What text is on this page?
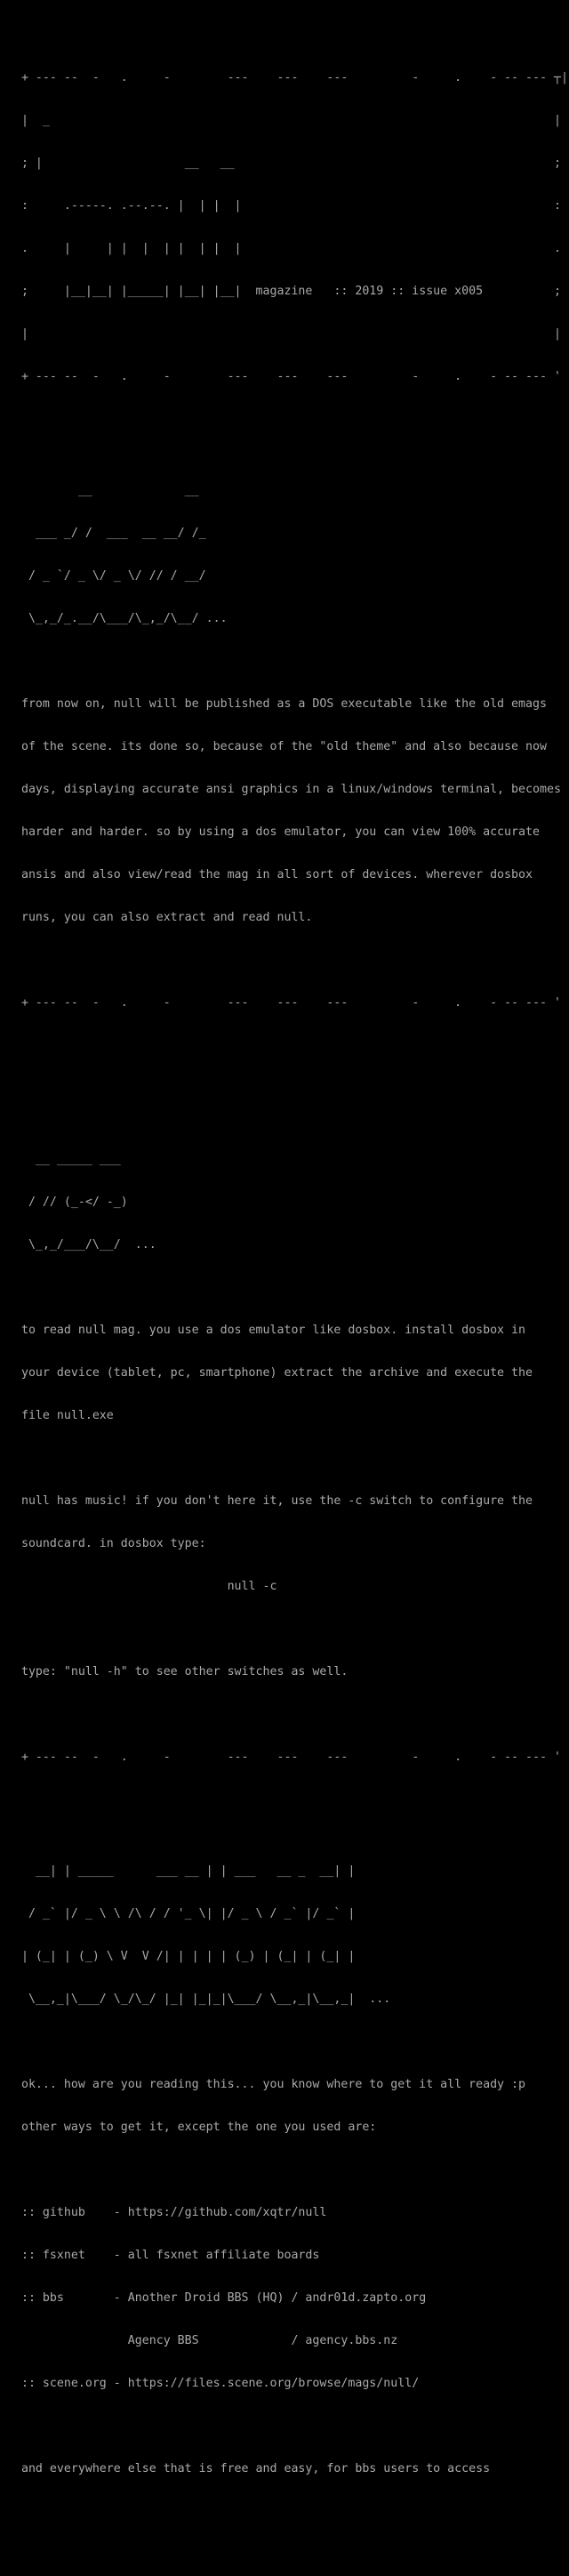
+ --- --  -   .     -        ---    ---    ---         -     .    - -- --- ┬|

|  _                                                                       |

; |                    __   __                                             ;

:     .-----. .--.--. |  | |  |                                            :

.     |     | |  |  | |  | |  |                                            .

;     |__|__| |_____| |__| |__|  magazine   :: 2019 :: issue x005          ;

|                                                                          |

+ --- --  -   .     -        ---    ---    ---         -     .    - -- --- '

__             __

___ _/ /  ___  __ __/ /_

/ _ `/ _ \/ _ \/ // / __/

\_,_/_.__/\___/\_,_/\__/ ...

from now on, null will be published as a DOS executable like the old emags

of the scene. its done so, because of the "old theme" and also because now

days, displaying accurate ansi graphics in a linux/windows terminal, becomes

harder and harder. so by using a dos emulator, you can view 100% accurate

ansis and also view/read the mag in all sort of devices. wherever dosbox

runs, you can also extract and read null.

+ --- --  -   .     -        ---    ---    ---         -     .    - -- --- '

__ _____ ___

/ // (_-</ -_)

\_,_/___/\__/  ...

to read null mag. you use a dos emulator like dosbox. install dosbox in

your device (tablet, pc, smartphone) extract the archive and execute the

file null.exe

null has music! if you don't here it, use the -c switch to configure the

soundcard. in dosbox type:

null -c

type: "null -h" to see other switches as well.

+ --- --  -   .     -        ---    ---    ---         -     .    - -- --- '

__| | _____      ___ __ | | ___   __ _  __| |

/ _` |/ _ \ \ /\ / / '_ \| |/ _ \ / _` |/ _` |

| (_| | (_) \ V  V /| | | | | (_) | (_| | (_| |

\__,_|\___/ \_/\_/ |_| |_|_|\___/ \__,_|\__,_|  ...

ok... how are you reading this... you know where to get it all ready :p

other ways to get it, except the one you used are:

:: github    - https://github.com/xqtr/null

:: fsxnet    - all fsxnet affiliate boards

:: bbs       - Another Droid BBS (HQ) / andr01d.zapto.org

Agency BBS             / agency.bbs.nz

:: scene.org - https://files.scene.org/browse/mags/null/

and everywhere else that is free and easy, for bbs users to access
